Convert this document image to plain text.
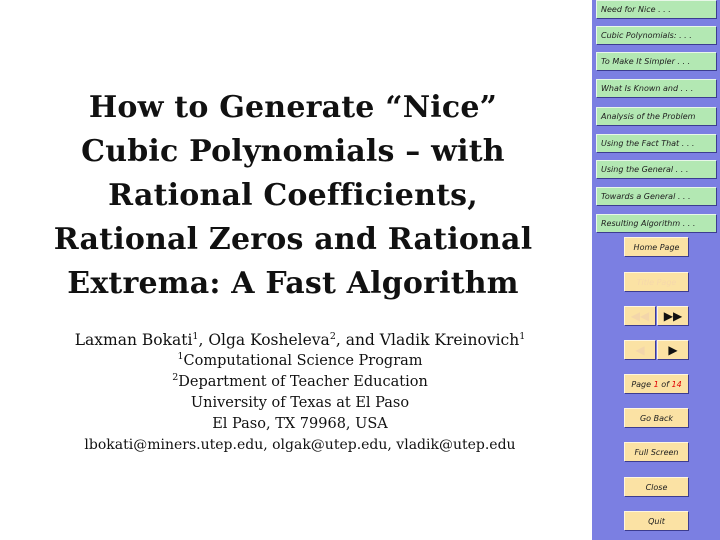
How to Generate “Nice”
Cubic Polynomials – with
Rational Coefficients,
Rational Zeros and Rational
Extrema: A Fast Algorithm
Laxman Bokati$^1$, Olga Kosheleva$^2$, and Vladik Kreinovich$^1$
$^1$Computational Science Program
$^2$Department of Teacher Education
University of Texas at El Paso
El Paso, TX 79968, USA
lbokati@miners.utep.edu, olgak@utep.edu, vladik@utep.edu
Need for Nice . . .
Cubic Polynomials: . . .
To Make It Simpler . . .
What Is Known and . . .
Analysis of the Problem
Using the Fact That . . .
Using the General . . .
Towards a General . . .
Resulting Algorithm . . .
Home Page
Title Page
◀◀	▶▶
◀	▶
Page 1 of 14
Go Back
Full Screen
Close
Quit
